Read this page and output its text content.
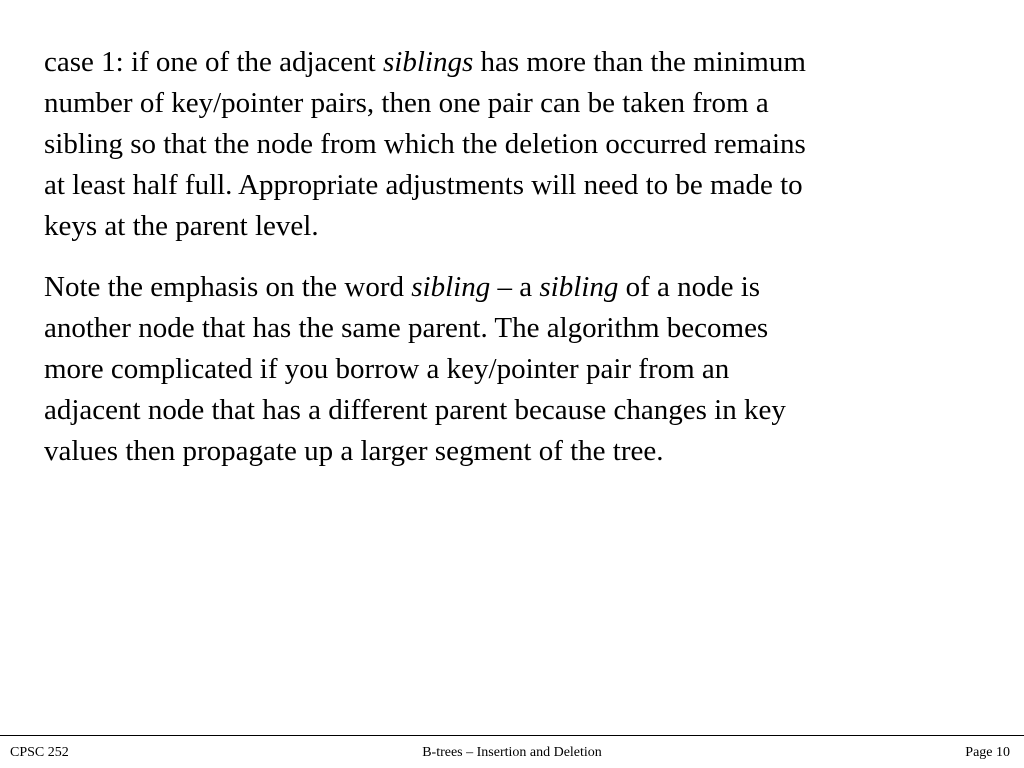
case 1: if one of the adjacent siblings has more than the minimum
number of key/pointer pairs, then one pair can be taken from a
sibling so that the node from which the deletion occurred remains
at least half full. Appropriate adjustments will need to be made to
keys at the parent level.

Note the emphasis on the word sibling – a sibling of a node is
another node that has the same parent. The algorithm becomes
more complicated if you borrow a key/pointer pair from an
adjacent node that has a different parent because changes in key
values then propagate up a larger segment of the tree.

CPSC 252	B-trees – Insertion and Deletion	Page 10
